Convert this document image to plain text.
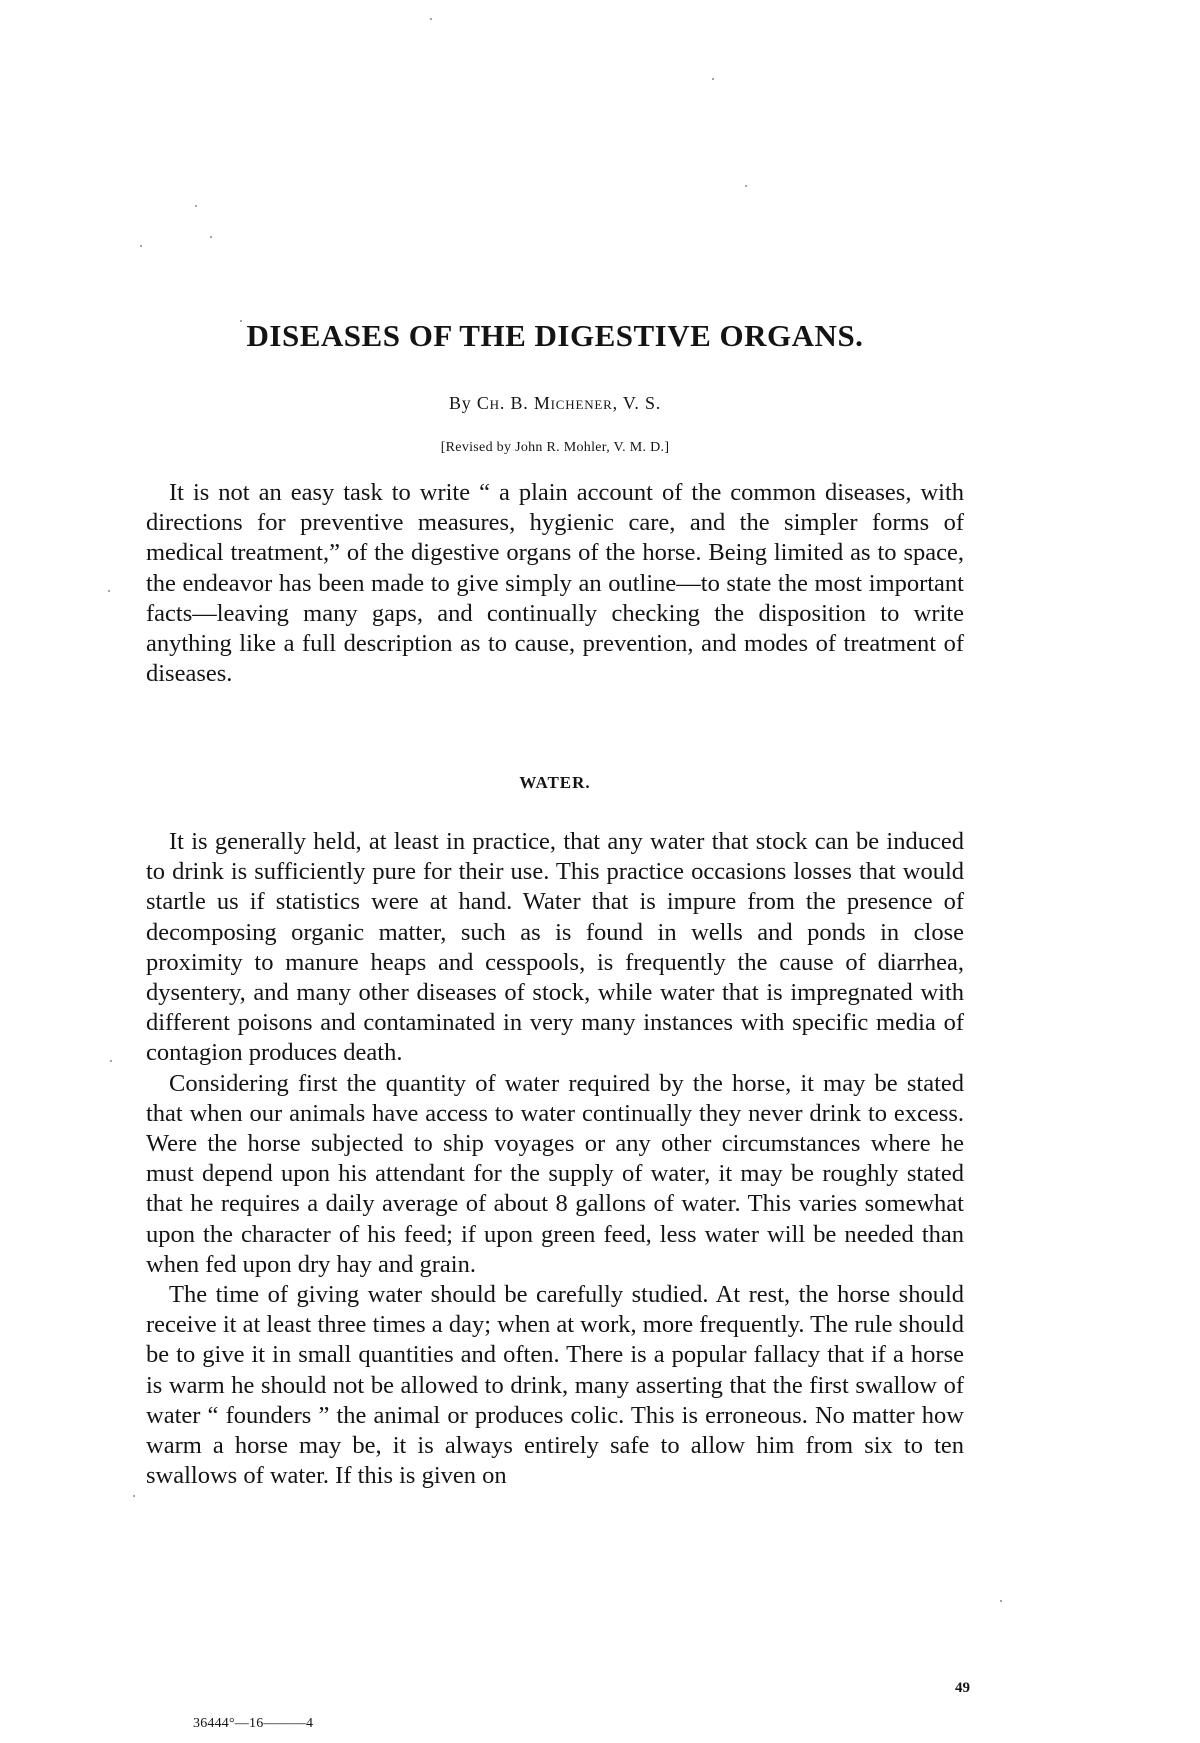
DISEASES OF THE DIGESTIVE ORGANS.
By Ch. B. Michener, V. S.
[Revised by John R. Mohler, V. M. D.]

It is not an easy task to write “ a plain account of the common diseases, with directions for preventive measures, hygienic care, and the simpler forms of medical treatment,” of the digestive organs of the horse. Being limited as to space, the endeavor has been made to give simply an outline—to state the most important facts—leaving many gaps, and continually checking the disposition to write anything like a full description as to cause, prevention, and modes of treatment of diseases.

WATER.

It is generally held, at least in practice, that any water that stock can be induced to drink is sufficiently pure for their use. This practice occasions losses that would startle us if statistics were at hand. Water that is impure from the presence of decomposing organic matter, such as is found in wells and ponds in close proximity to manure heaps and cesspools, is frequently the cause of diarrhea, dysentery, and many other diseases of stock, while water that is impregnated with different poisons and contaminated in very many instances with specific media of contagion produces death.

Considering first the quantity of water required by the horse, it may be stated that when our animals have access to water continually they never drink to excess. Were the horse subjected to ship voyages or any other circumstances where he must depend upon his attendant for the supply of water, it may be roughly stated that he requires a daily average of about 8 gallons of water. This varies somewhat upon the character of his feed; if upon green feed, less water will be needed than when fed upon dry hay and grain.

The time of giving water should be carefully studied. At rest, the horse should receive it at least three times a day; when at work, more frequently. The rule should be to give it in small quantities and often. There is a popular fallacy that if a horse is warm he should not be allowed to drink, many asserting that the first swallow of water “ founders ” the animal or produces colic. This is erroneous. No matter how warm a horse may be, it is always entirely safe to allow him from six to ten swallows of water. If this is given on

49
36444°—16———4
